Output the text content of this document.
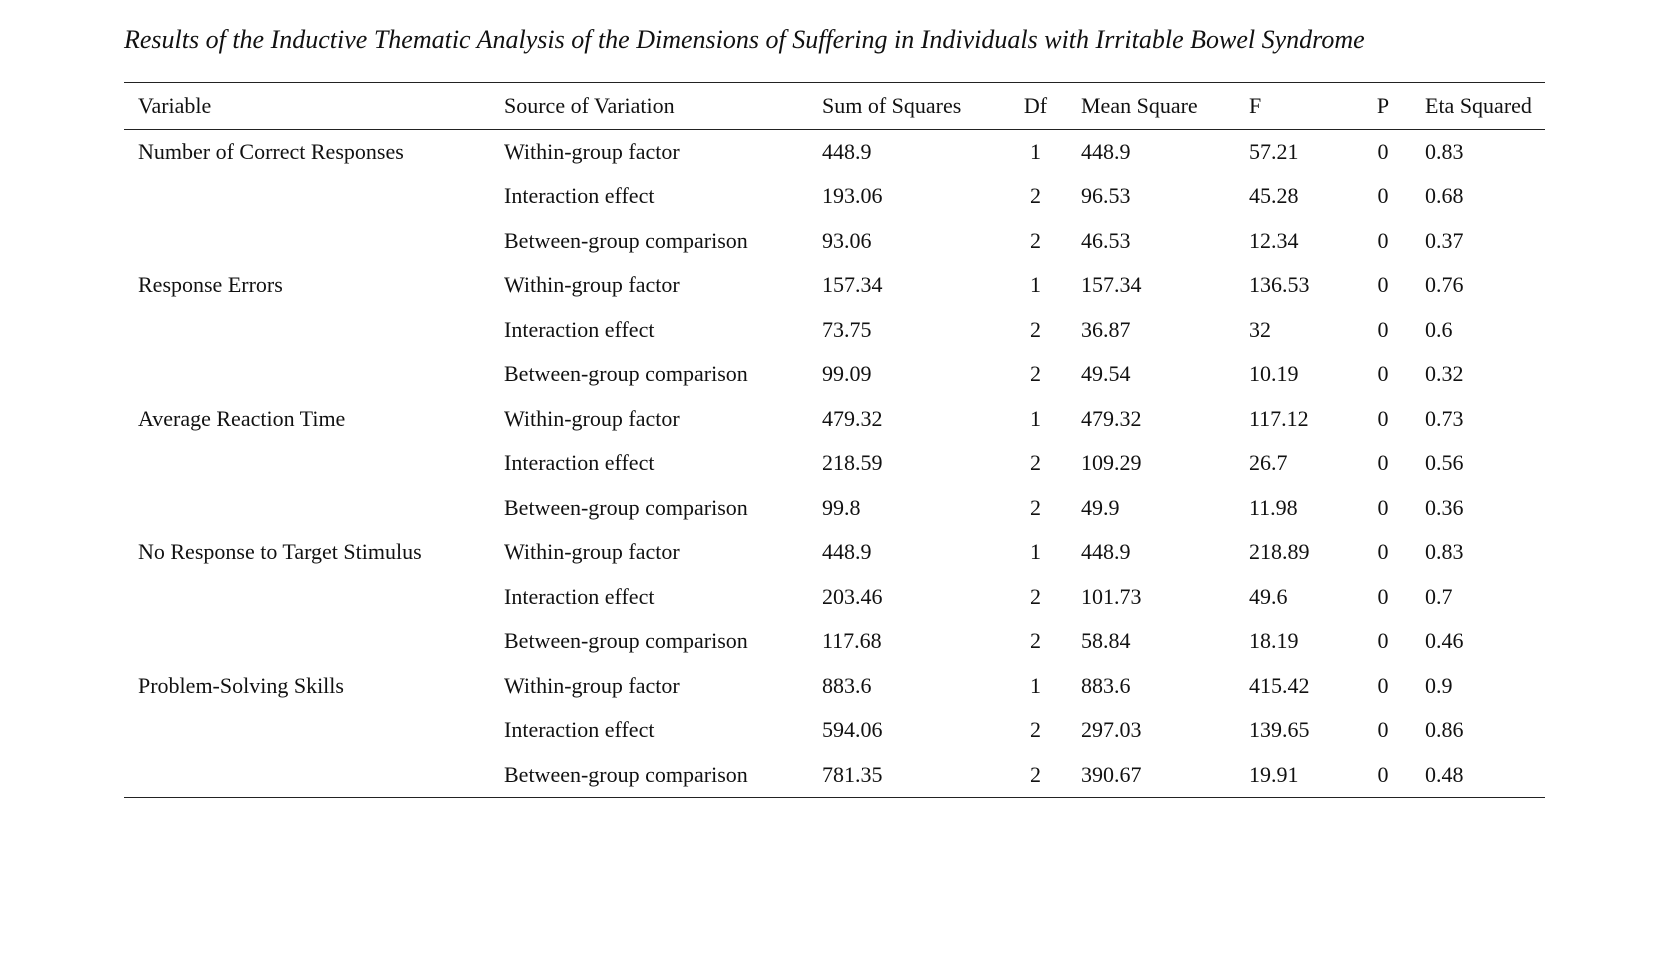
Results of the Inductive Thematic Analysis of the Dimensions of Suffering in Individuals with Irritable Bowel Syndrome
Variable	Source of Variation	Sum of Squares	Df	Mean Square	F	P	Eta Squared
Number of Correct Responses	Within-group factor	448.9	1	448.9	57.21	0	0.83
	Interaction effect	193.06	2	96.53	45.28	0	0.68
	Between-group comparison	93.06	2	46.53	12.34	0	0.37
Response Errors	Within-group factor	157.34	1	157.34	136.53	0	0.76
	Interaction effect	73.75	2	36.87	32	0	0.6
	Between-group comparison	99.09	2	49.54	10.19	0	0.32
Average Reaction Time	Within-group factor	479.32	1	479.32	117.12	0	0.73
	Interaction effect	218.59	2	109.29	26.7	0	0.56
	Between-group comparison	99.8	2	49.9	11.98	0	0.36
No Response to Target Stimulus	Within-group factor	448.9	1	448.9	218.89	0	0.83
	Interaction effect	203.46	2	101.73	49.6	0	0.7
	Between-group comparison	117.68	2	58.84	18.19	0	0.46
Problem-Solving Skills	Within-group factor	883.6	1	883.6	415.42	0	0.9
	Interaction effect	594.06	2	297.03	139.65	0	0.86
	Between-group comparison	781.35	2	390.67	19.91	0	0.48
